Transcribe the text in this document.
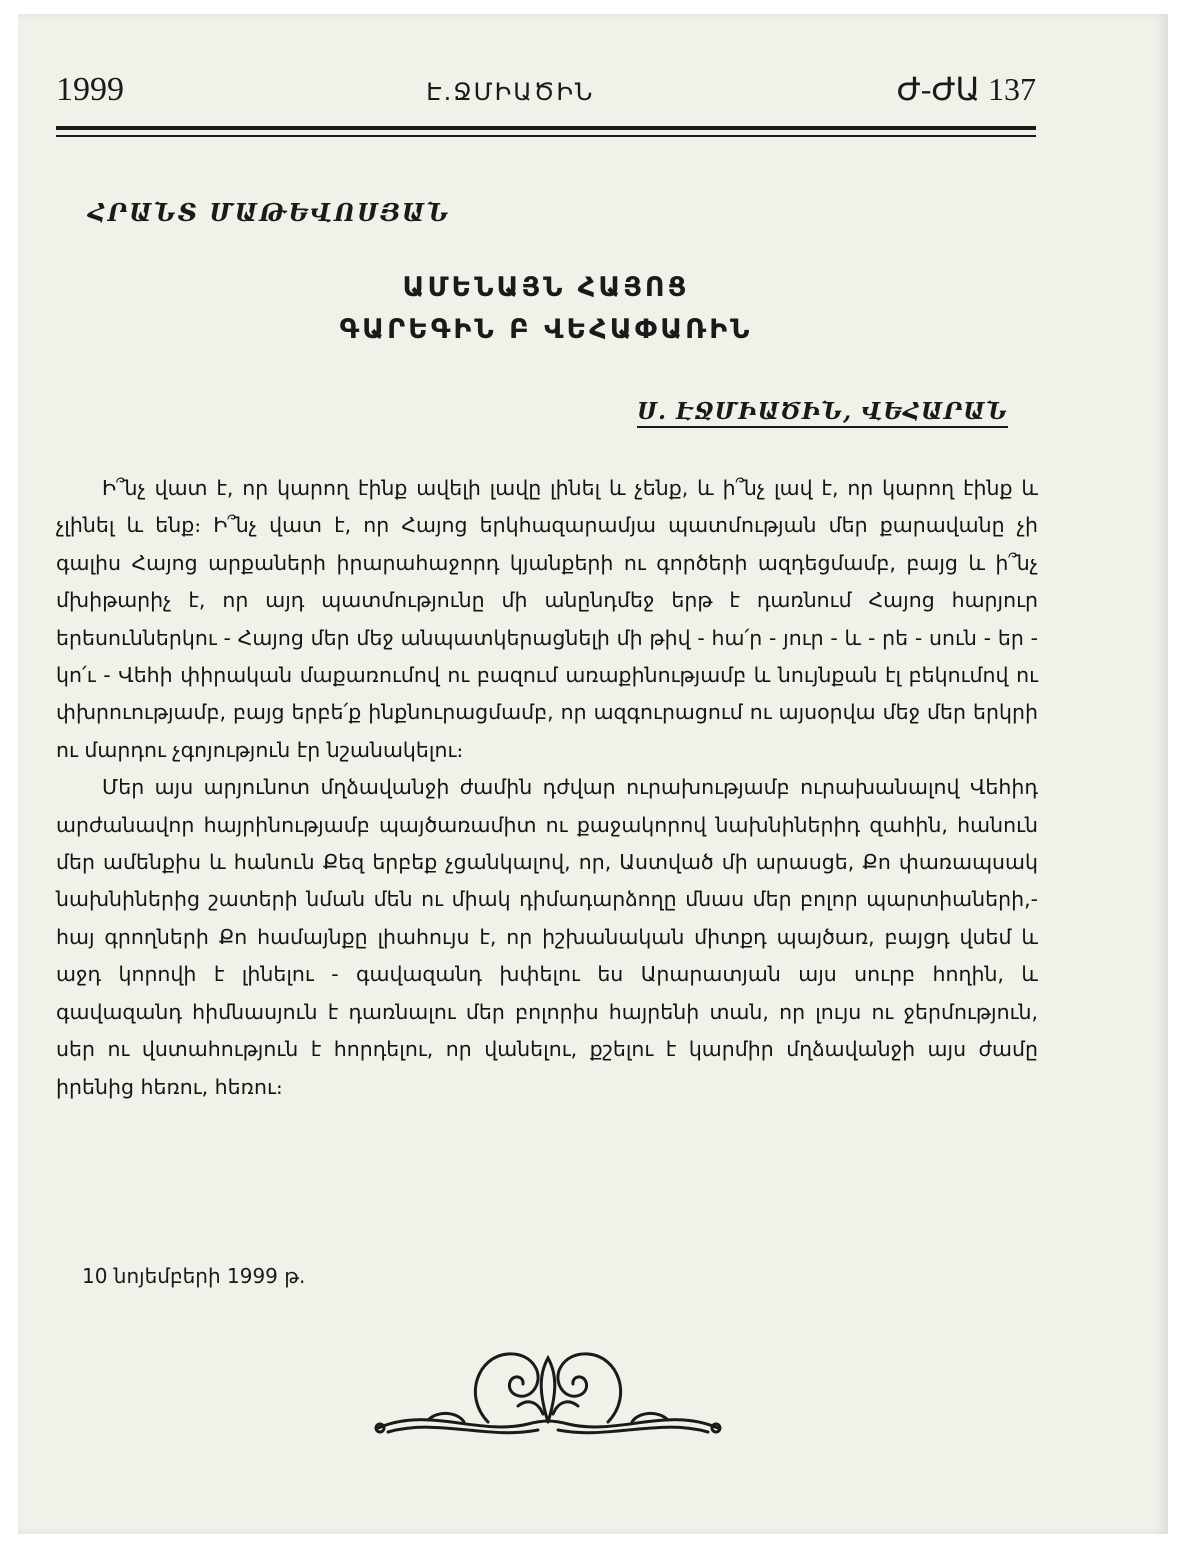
1999	Է.ՋՄԻԱԾԻՆ	Ժ-ԺԱ 137
ՀՐԱՆՏ ՄԱԹԵՎՈՍՅԱՆ
ԱՄԵՆԱՅՆ ՀԱՅՈՑ
ԳԱՐԵԳԻՆ Բ ՎԵՀԱՓԱՌԻՆ
Ս. ԷՋՄԻԱԾԻՆ, ՎԵՀԱՐԱՆ

Ի՞նչ վատ է, որ կարող էինք ավելի լավը լինել և չենք, և ի՞նչ լավ է, որ կարող էինք և չլինել և ենք։ Ի՞նչ վատ է, որ Հայոց երկհազարամյա պատմության մեր քարավանը չի գալիս Հայոց արքաների իրարահաջորդ կյանքերի ու գործերի ազդեցմամբ, բայց և ի՞նչ մխիթարիչ է, որ այդ պատմությունը մի անընդմեջ երթ է դառնում Հայոց հարյուր երեսուններկու - Հայոց մեր մեջ անպատկերացնելի մի թիվ - հա՛ր - յուր - և - րե - սուն - եր - կո՛ւ - Վեհի փիրական մաքառումով ու բազում առաքինությամբ և նույնքան էլ բեկումով ու փխրուությամբ, բայց երբե՛ք ինքնուրացմամբ, որ ազգուրացում ու այսօրվա մեջ մեր երկրի ու մարդու չգոյություն էր նշանակելու։

Մեր այս արյունոտ մղձավանջի ժամին դժվար ուրախությամբ ուրախանալով Վեհիդ արժանավոր հայրինությամբ պայծառամիտ ու քաջակորով նախնիներիդ զաhին, հանուն մեր ամենքիս և հանուն Քեզ երբեք չցանկալով, որ, Աստված մի արասցե, Քո փառապսակ նախնիներից շատերի նման մեն ու միակ դիմադարձողը մնաս մեր բոլոր պարտիաների,- հայ գրողների Քո համայնքը լիահույս է, որ իշխանական միտքդ պայծառ, բայցդ վսեմ և աջդ կորովի է լինելու - գավազանդ խփելու ես Արարատյան այս սուրբ հողին, և գավազանդ հիմնասյուն է դառնալու մեր բոլորիս հայրենի տան, որ լույս ու ջերմություն, սեր ու վստահություն է հորդելու, որ վանելու, քշելու է կարմիր մղձավանջի այս ժամը իրենից հեռու, հեռու։

10 նոյեմբերի 1999 թ.
